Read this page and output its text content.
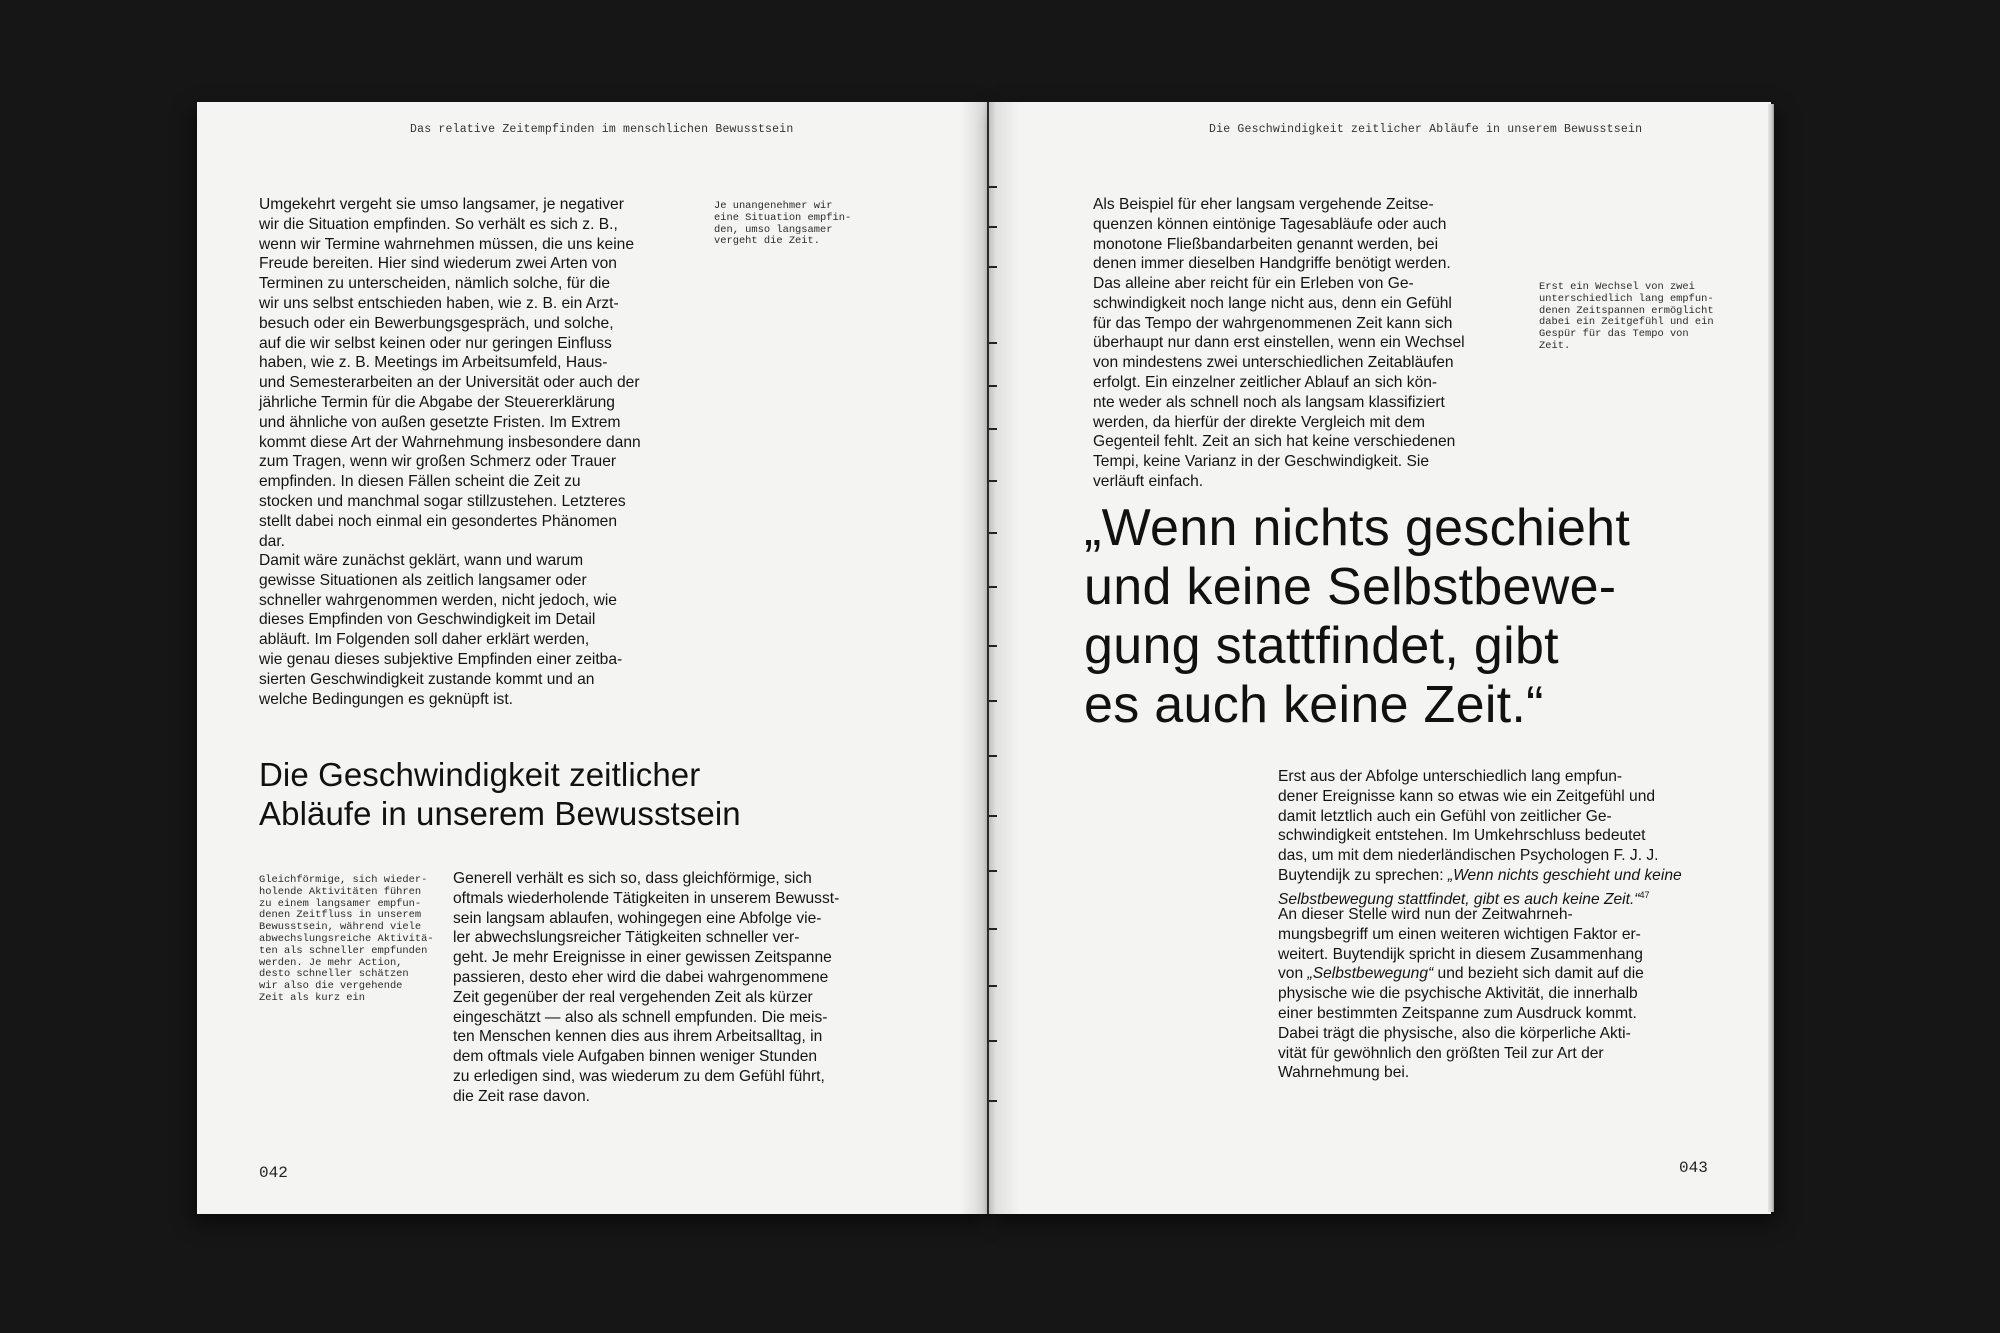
Das relative Zeitempfinden im menschlichen Bewusstsein

Umgekehrt vergeht sie umso langsamer, je negativer
wir die Situation empfinden. So verhält es sich z. B.,
wenn wir Termine wahrnehmen müssen, die uns keine
Freude bereiten. Hier sind wiederum zwei Arten von
Terminen zu unterscheiden, nämlich solche, für die
wir uns selbst entschieden haben, wie z. B. ein Arzt-
besuch oder ein Bewerbungsgespräch, und solche,
auf die wir selbst keinen oder nur geringen Einfluss
haben, wie z. B. Meetings im Arbeitsumfeld, Haus-
und Semesterarbeiten an der Universität oder auch der
jährliche Termin für die Abgabe der Steuererklärung
und ähnliche von außen gesetzte Fristen. Im Extrem
kommt diese Art der Wahrnehmung insbesondere dann
zum Tragen, wenn wir großen Schmerz oder Trauer
empfinden. In diesen Fällen scheint die Zeit zu
stocken und manchmal sogar stillzustehen. Letzteres
stellt dabei noch einmal ein gesondertes Phänomen
dar.

Damit wäre zunächst geklärt, wann und warum
gewisse Situationen als zeitlich langsamer oder
schneller wahrgenommen werden, nicht jedoch, wie
dieses Empfinden von Geschwindigkeit im Detail
abläuft. Im Folgenden soll daher erklärt werden,
wie genau dieses subjektive Empfinden einer zeitba-
sierten Geschwindigkeit zustande kommt und an
welche Bedingungen es geknüpft ist.

Je unangenehmer wir
eine Situation empfin-
den, umso langsamer
vergeht die Zeit.

Die Geschwindigkeit zeitlicher
Abläufe in unserem Bewusstsein

Gleichförmige, sich wieder-
holende Aktivitäten führen
zu einem langsamer empfun-
denen Zeitfluss in unserem
Bewusstsein, während viele
abwechslungsreiche Aktivitä-
ten als schneller empfunden
werden. Je mehr Action,
desto schneller schätzen
wir also die vergehende
Zeit als kurz ein

Generell verhält es sich so, dass gleichförmige, sich
oftmals wiederholende Tätigkeiten in unserem Bewusst-
sein langsam ablaufen, wohingegen eine Abfolge vie-
ler abwechslungsreicher Tätigkeiten schneller ver-
geht. Je mehr Ereignisse in einer gewissen Zeitspanne
passieren, desto eher wird die dabei wahrgenommene
Zeit gegenüber der real vergehenden Zeit als kürzer
eingeschätzt — also als schnell empfunden. Die meis-
ten Menschen kennen dies aus ihrem Arbeitsalltag, in
dem oftmals viele Aufgaben binnen weniger Stunden
zu erledigen sind, was wiederum zu dem Gefühl führt,
die Zeit rase davon.

042
Die Geschwindigkeit zeitlicher Abläufe in unserem Bewusstsein

Als Beispiel für eher langsam vergehende Zeitse-
quenzen können eintönige Tagesabläufe oder auch
monotone Fließbandarbeiten genannt werden, bei
denen immer dieselben Handgriffe benötigt werden.

Das alleine aber reicht für ein Erleben von Ge-
schwindigkeit noch lange nicht aus, denn ein Gefühl
für das Tempo der wahrgenommenen Zeit kann sich
überhaupt nur dann erst einstellen, wenn ein Wechsel
von mindestens zwei unterschiedlichen Zeitabläufen
erfolgt. Ein einzelner zeitlicher Ablauf an sich kön-
nte weder als schnell noch als langsam klassifiziert
werden, da hierfür der direkte Vergleich mit dem
Gegenteil fehlt. Zeit an sich hat keine verschiedenen
Tempi, keine Varianz in der Geschwindigkeit. Sie
verläuft einfach.

Erst ein Wechsel von zwei
unterschiedlich lang empfun-
denen Zeitspannen ermöglicht
dabei ein Zeitgefühl und ein
Gespür für das Tempo von
Zeit.

„Wenn nichts geschieht
und keine Selbstbewe-
gung stattfindet, gibt
es auch keine Zeit.“

Erst aus der Abfolge unterschiedlich lang empfun-
dener Ereignisse kann so etwas wie ein Zeitgefühl und
damit letztlich auch ein Gefühl von zeitlicher Ge-
schwindigkeit entstehen. Im Umkehrschluss bedeutet
das, um mit dem niederländischen Psychologen F. J. J.
Buytendijk zu sprechen: „Wenn nichts geschieht und keine
Selbstbewegung stattfindet, gibt es auch keine Zeit.“$^{47}$

An dieser Stelle wird nun der Zeitwahrneh-
mungsbegriff um einen weiteren wichtigen Faktor er-
weitert. Buytendijk spricht in diesem Zusammenhang
von „Selbstbewegung“ und bezieht sich damit auf die
physische wie die psychische Aktivität, die innerhalb
einer bestimmten Zeitspanne zum Ausdruck kommt.
Dabei trägt die physische, also die körperliche Akti-
vität für gewöhnlich den größten Teil zur Art der
Wahrnehmung bei.

043
